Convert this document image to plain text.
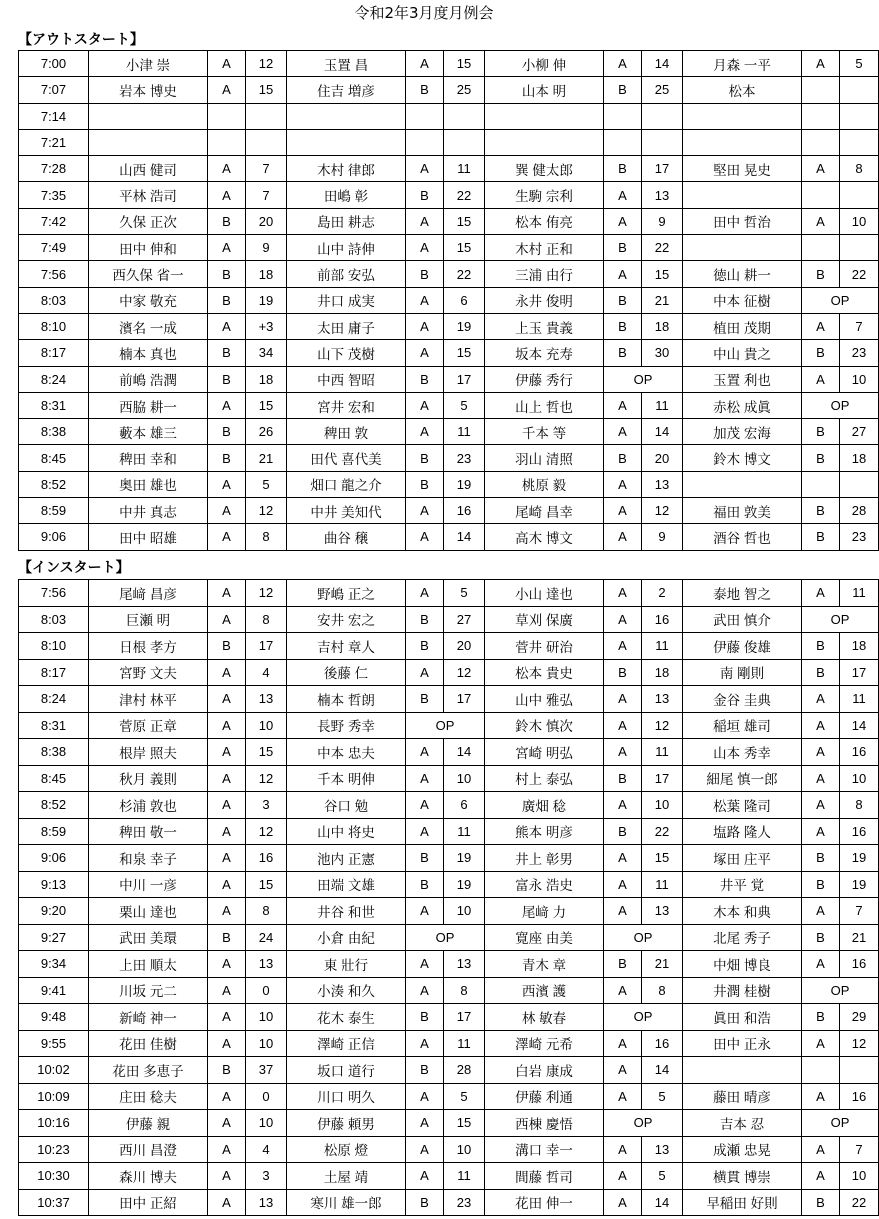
令和2年3月度月例会
【アウトスタート】
7:00	小津 崇	A	12	玉置 昌	A	15	小柳 伸	A	14	月森 一平	A	5
7:07	岩本 博史	A	15	住吉 増彦	B	25	山本 明	B	25	松本		
7:14												
7:21												
7:28	山西 健司	A	7	木村 律郎	A	11	巽 健太郎	B	17	堅田 晃史	A	8
7:35	平林 浩司	A	7	田嶋 彰	B	22	生駒 宗利	A	13			
7:42	久保 正次	B	20	島田 耕志	A	15	松本 侑亮	A	9	田中 哲治	A	10
7:49	田中 伸和	A	9	山中 詩伸	A	15	木村 正和	B	22			
7:56	西久保 省一	B	18	前部 安弘	B	22	三浦 由行	A	15	徳山 耕一	B	22
8:03	中家 敬充	B	19	井口 成実	A	6	永井 俊明	B	21	中本 征樹	OP	
8:10	濱名 一成	A	+3	太田 庸子	A	19	上玉 貴義	B	18	植田 茂期	A	7
8:17	楠本 真也	B	34	山下 茂樹	A	15	坂本 充寿	B	30	中山 貴之	B	23
8:24	前嶋 浩潤	B	18	中西 智昭	B	17	伊藤 秀行	OP		玉置 利也	A	10
8:31	西脇 耕一	A	15	宮井 宏和	A	5	山上 哲也	A	11	赤松 成眞	OP	
8:38	藪本 雄三	B	26	稗田 敦	A	11	千本 等	A	14	加茂 宏海	B	27
8:45	稗田 幸和	B	21	田代 喜代美	B	23	羽山 清照	B	20	鈴木 博文	B	18
8:52	奥田 雄也	A	5	畑口 龍之介	B	19	桃原 毅	A	13			
8:59	中井 真志	A	12	中井 美知代	A	16	尾崎 昌幸	A	12	福田 敦美	B	28
9:06	田中 昭雄	A	8	曲谷 穣	A	14	高木 博文	A	9	酒谷 哲也	B	23
【インスタート】
7:56	尾﨑 昌彦	A	12	野嶋 正之	A	5	小山 達也	A	2	泰地 智之	A	11
8:03	巨瀬 明	A	8	安井 宏之	B	27	草刈 保廣	A	16	武田 慎介	OP	
8:10	日根 孝方	B	17	吉村 章人	B	20	菅井 研治	A	11	伊藤 俊雄	B	18
8:17	宮野 文夫	A	4	後藤 仁	A	12	松本 貴史	B	18	南 剛則	B	17
8:24	津村 林平	A	13	楠本 哲朗	B	17	山中 雅弘	A	13	金谷 圭典	A	11
8:31	菅原 正章	A	10	長野 秀幸	OP		鈴木 慎次	A	12	稲垣 雄司	A	14
8:38	根岸 照夫	A	15	中本 忠夫	A	14	宮崎 明弘	A	11	山本 秀幸	A	16
8:45	秋月 義則	A	12	千本 明伸	A	10	村上 泰弘	B	17	細尾 慎一郎	A	10
8:52	杉浦 敦也	A	3	谷口 勉	A	6	廣畑 稔	A	10	松葉 隆司	A	8
8:59	稗田 敬一	A	12	山中 将史	A	11	熊本 明彦	B	22	塩路 隆人	A	16
9:06	和泉 幸子	A	16	池内 正憲	B	19	井上 彰男	A	15	塚田 庄平	B	19
9:13	中川 一彦	A	15	田端 文雄	B	19	富永 浩史	A	11	井平 覚	B	19
9:20	栗山 達也	A	8	井谷 和世	A	10	尾﨑 力	A	13	木本 和典	A	7
9:27	武田 美環	B	24	小倉 由紀	OP		寛座 由美	OP		北尾 秀子	B	21
9:34	上田 順太	A	13	東 壯行	A	13	青木 章	B	21	中畑 博良	A	16
9:41	川坂 元二	A	0	小湊 和久	A	8	西濱 護	A	8	井潤 桂樹	OP	
9:48	新崎 神一	A	10	花木 泰生	B	17	林 敏春	OP		眞田 和浩	B	29
9:55	花田 佳樹	A	10	澤崎 正信	A	11	澤崎 元希	A	16	田中 正永	A	12
10:02	花田 多恵子	B	37	坂口 道行	B	28	白岩 康成	A	14			
10:09	庄田 稔夫	A	0	川口 明久	A	5	伊藤 利通	A	5	藤田 晴彦	A	16
10:16	伊藤 親	A	10	伊藤 頼男	A	15	西棟 慶悟	OP		吉本 忍	OP	
10:23	西川 昌澄	A	4	松原 燈	A	10	溝口 幸一	A	13	成瀬 忠晃	A	7
10:30	森川 博夫	A	3	土屋 靖	A	11	間藤 哲司	A	5	横貫 博崇	A	10
10:37	田中 正紹	A	13	寒川 雄一郎	B	23	花田 伸一	A	14	早稲田 好則	B	22
